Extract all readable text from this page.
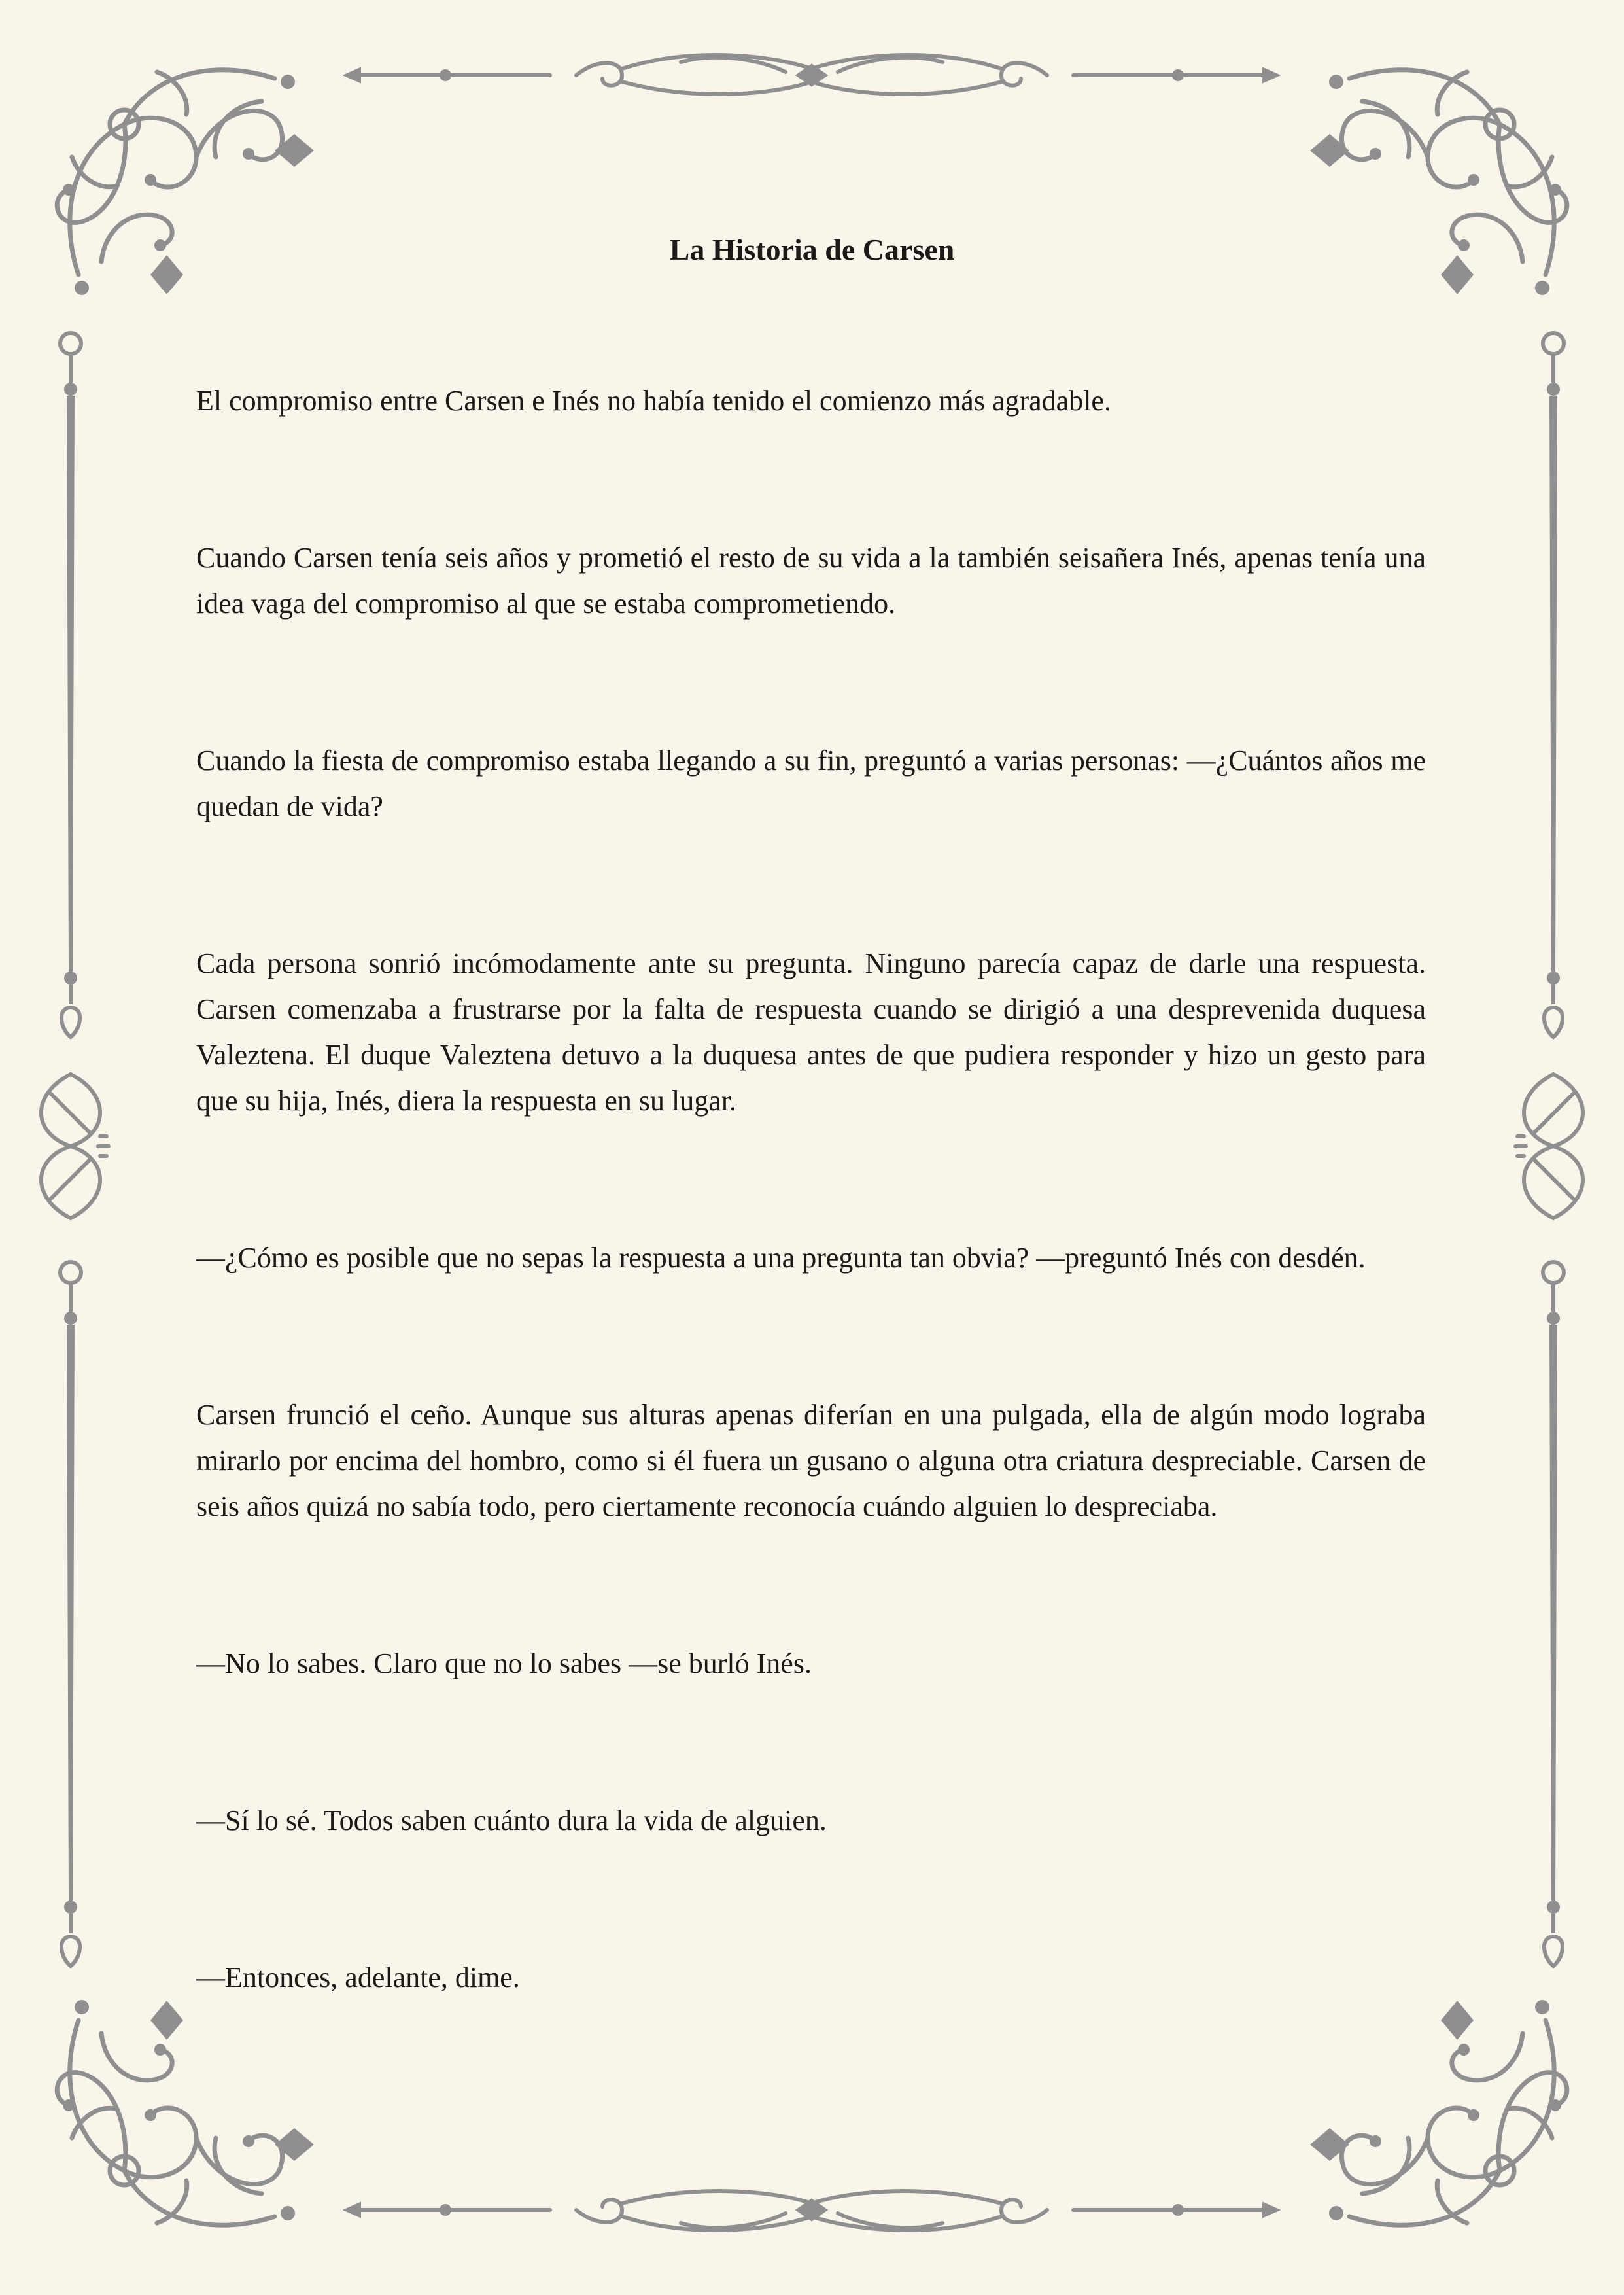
La Historia de Carsen

El compromiso entre Carsen e Inés no había tenido el comienzo más agradable.

Cuando Carsen tenía seis años y prometió el resto de su vida a la también seisañera Inés, apenas tenía una idea vaga del compromiso al que se estaba comprometiendo.

Cuando la fiesta de compromiso estaba llegando a su fin, preguntó a varias personas: —¿Cuántos años me quedan de vida?

Cada persona sonrió incómodamente ante su pregunta. Ninguno parecía capaz de darle una respuesta. Carsen comenzaba a frustrarse por la falta de respuesta cuando se dirigió a una desprevenida duquesa Valeztena. El duque Valeztena detuvo a la duquesa antes de que pudiera responder y hizo un gesto para que su hija, Inés, diera la respuesta en su lugar.

—¿Cómo es posible que no sepas la respuesta a una pregunta tan obvia? —preguntó Inés con desdén.

Carsen frunció el ceño. Aunque sus alturas apenas diferían en una pulgada, ella de algún modo lograba mirarlo por encima del hombro, como si él fuera un gusano o alguna otra criatura despreciable. Carsen de seis años quizá no sabía todo, pero ciertamente reconocía cuándo alguien lo despreciaba.

—No lo sabes. Claro que no lo sabes —se burló Inés.

—Sí lo sé. Todos saben cuánto dura la vida de alguien.

—Entonces, adelante, dime.
